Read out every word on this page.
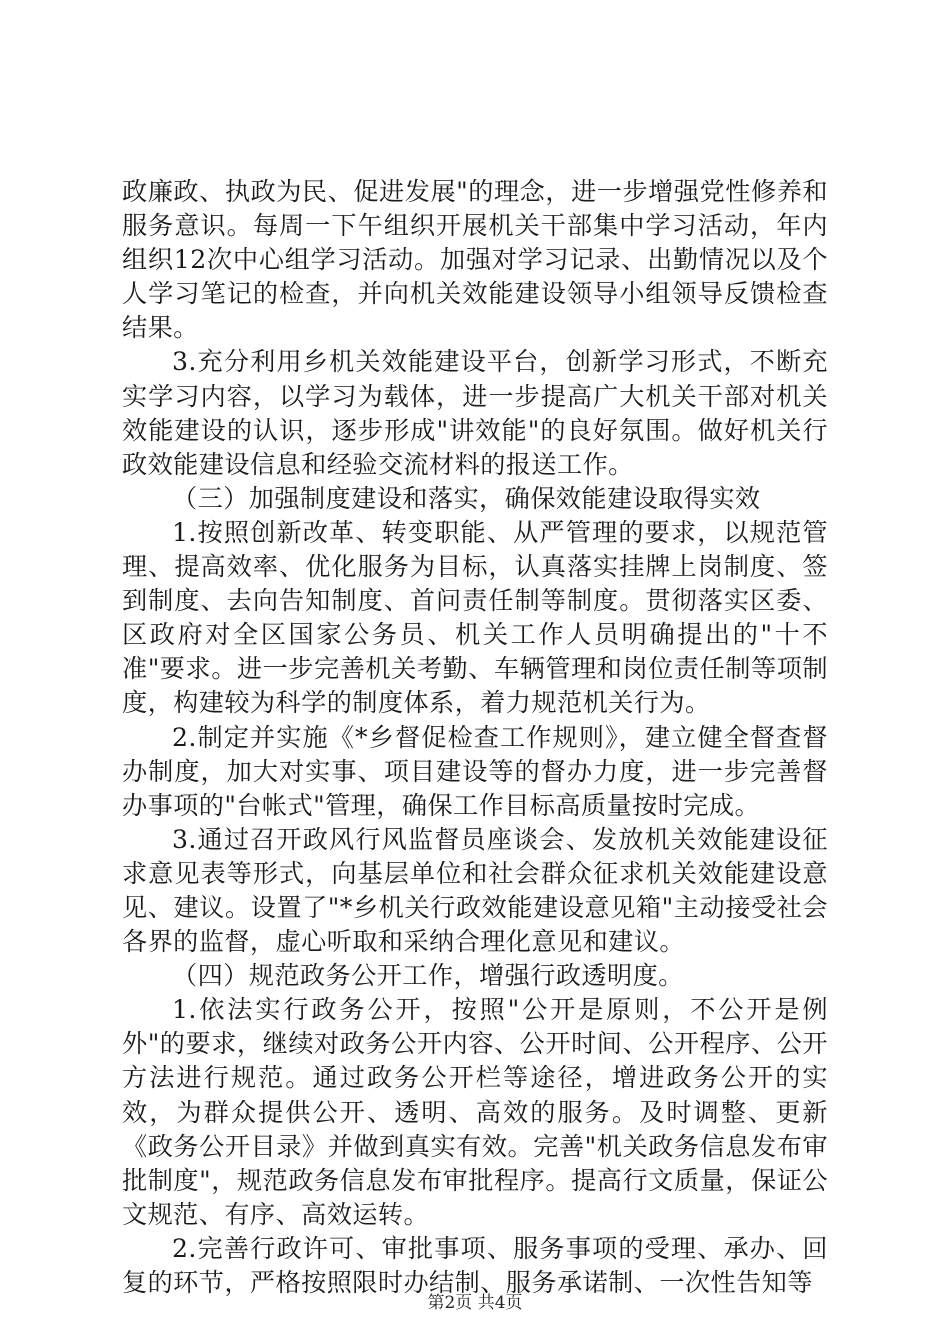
政廉政、执政为民、促进发展"的理念，进一步增强党性修养和服务意识。每周一下午组织开展机关干部集中学习活动，年内组织12次中心组学习活动。加强对学习记录、出勤情况以及个人学习笔记的检查，并向机关效能建设领导小组领导反馈检查结果。

3.充分利用乡机关效能建设平台，创新学习形式，不断充实学习内容，以学习为载体，进一步提高广大机关干部对机关效能建设的认识，逐步形成"讲效能"的良好氛围。做好机关行政效能建设信息和经验交流材料的报送工作。

（三）加强制度建设和落实，确保效能建设取得实效

1.按照创新改革、转变职能、从严管理的要求，以规范管理、提高效率、优化服务为目标，认真落实挂牌上岗制度、签到制度、去向告知制度、首问责任制等制度。贯彻落实区委、区政府对全区国家公务员、机关工作人员明确提出的"十不准"要求。进一步完善机关考勤、车辆管理和岗位责任制等项制度，构建较为科学的制度体系，着力规范机关行为。

2.制定并实施《*乡督促检查工作规则》，建立健全督查督办制度，加大对实事、项目建设等的督办力度，进一步完善督办事项的"台帐式"管理，确保工作目标高质量按时完成。

3.通过召开政风行风监督员座谈会、发放机关效能建设征求意见表等形式，向基层单位和社会群众征求机关效能建设意见、建议。设置了"*乡机关行政效能建设意见箱"主动接受社会各界的监督，虚心听取和采纳合理化意见和建议。

（四）规范政务公开工作，增强行政透明度。

1.依法实行政务公开，按照"公开是原则，不公开是例外"的要求，继续对政务公开内容、公开时间、公开程序、公开方法进行规范。通过政务公开栏等途径，增进政务公开的实效，为群众提供公开、透明、高效的服务。及时调整、更新《政务公开目录》并做到真实有效。完善"机关政务信息发布审批制度"，规范政务信息发布审批程序。提高行文质量，保证公文规范、有序、高效运转。

2.完善行政许可、审批事项、服务事项的受理、承办、回复的环节，严格按照限时办结制、服务承诺制、一次性告知等

第2页 共4页
